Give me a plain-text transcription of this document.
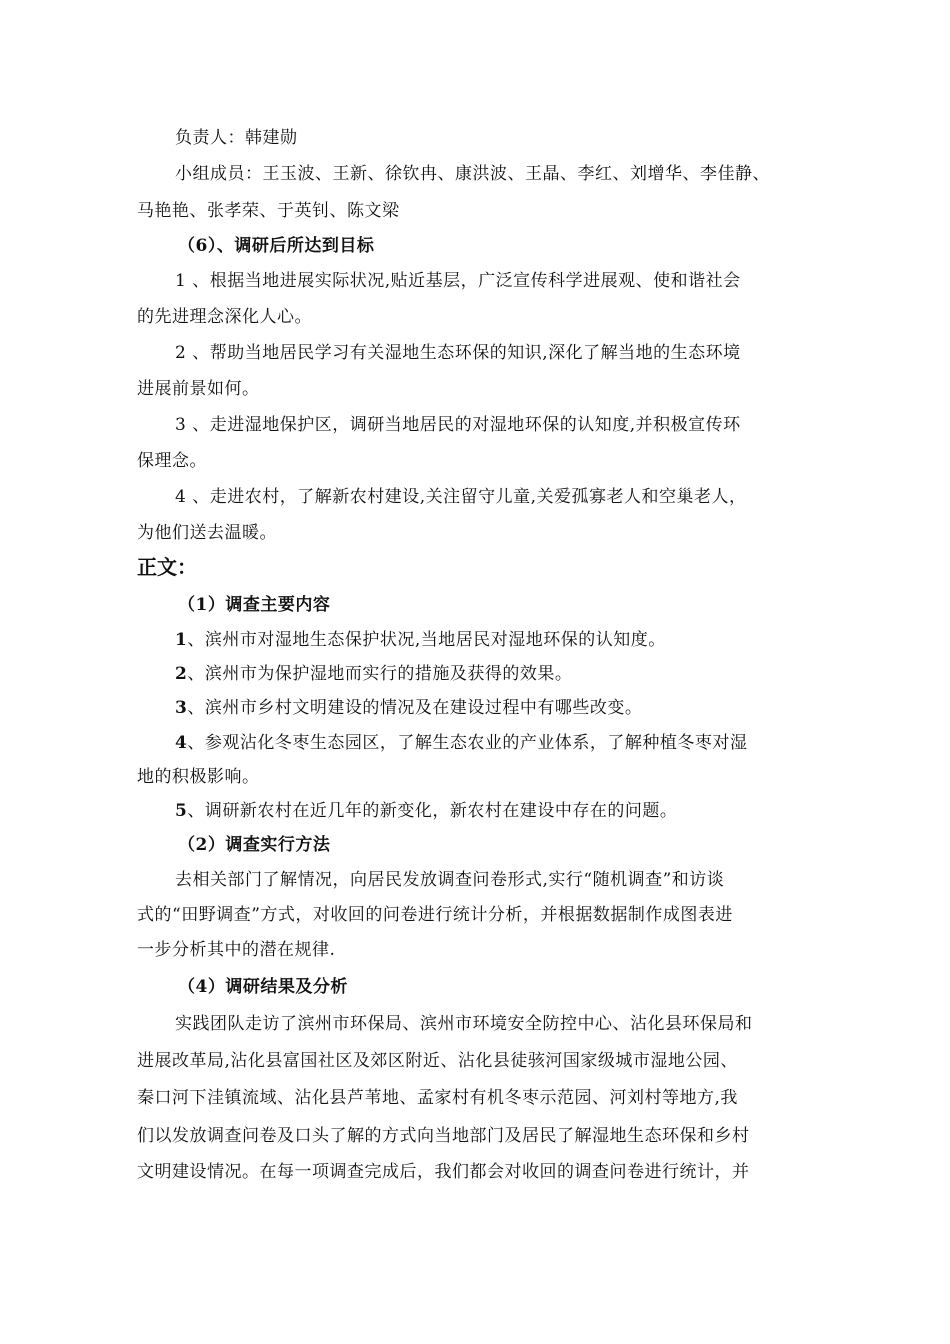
负责人：韩建勋
小组成员：王玉波、王新、徐钦冉、康洪波、王晶、李红、刘增华、李佳静、
马艳艳、张孝荣、于英钊、陈文梁
（6）、调研后所达到目标
1 、根据当地进展实际状况,贴近基层，广泛宣传科学进展观、使和谐社会
的先进理念深化人心。
2 、帮助当地居民学习有关湿地生态环保的知识,深化了解当地的生态环境
进展前景如何。
3 、走进湿地保护区，调研当地居民的对湿地环保的认知度,并积极宣传环
保理念。
4 、走进农村，了解新农村建设,关注留守儿童,关爱孤寡老人和空巢老人，
为他们送去温暖。
正文：
（1）调查主要内容
1、滨州市对湿地生态保护状况,当地居民对湿地环保的认知度。
2、滨州市为保护湿地而实行的措施及获得的效果。
3、滨州市乡村文明建设的情况及在建设过程中有哪些改变。
4、参观沾化冬枣生态园区，了解生态农业的产业体系，了解种植冬枣对湿
地的积极影响。
5、调研新农村在近几年的新变化，新农村在建设中存在的问题。
（2）调查实行方法
去相关部门了解情况，向居民发放调查问卷形式,实行“随机调查”和访谈
式的“田野调查”方式，对收回的问卷进行统计分析，并根据数据制作成图表进
一步分析其中的潜在规律.
（4）调研结果及分析
实践团队走访了滨州市环保局、滨州市环境安全防控中心、沾化县环保局和
进展改革局,沾化县富国社区及郊区附近、沾化县徒骇河国家级城市湿地公园、
秦口河下洼镇流域、沾化县芦苇地、孟家村有机冬枣示范园、河刘村等地方,我
们以发放调查问卷及口头了解的方式向当地部门及居民了解湿地生态环保和乡村
文明建设情况。在每一项调查完成后，我们都会对收回的调查问卷进行统计，并
